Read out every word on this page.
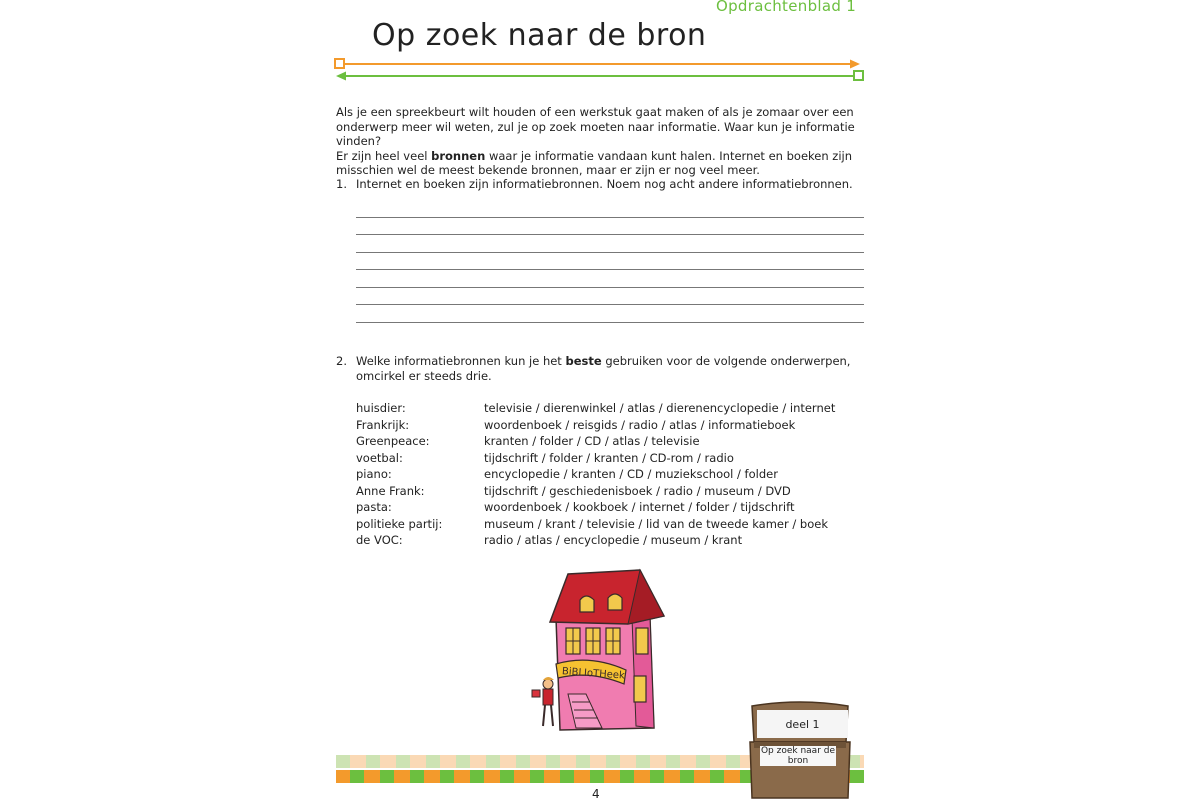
Opdrachtenblad 1
Op zoek naar de bron

Als je een spreekbeurt wilt houden of een werkstuk gaat maken of als je zomaar over een onderwerp meer wil weten, zul je op zoek moeten naar informatie. Waar kun je informatie vinden?

Er zijn heel veel bronnen waar je informatie vandaan kunt halen. Internet en boeken zijn misschien wel de meest bekende bronnen, maar er zijn er nog veel meer.

1. Internet en boeken zijn informatiebronnen. Noem nog acht andere informatiebronnen.
2. Welke informatiebronnen kun je het beste gebruiken voor de volgende onderwerpen, omcirkel er steeds drie.
huisdier:	televisie / dierenwinkel / atlas / dierenencyclopedie / internet
Frankrijk:	woordenboek / reisgids / radio / atlas / informatieboek
Greenpeace:	kranten / folder / CD / atlas / televisie
voetbal:	tijdschrift / folder / kranten / CD-rom / radio
piano:	encyclopedie / kranten / CD / muziekschool / folder
Anne Frank:	tijdschrift / geschiedenisboek / radio / museum / DVD
pasta:	woordenboek / kookboek / internet / folder / tijdschrift
politieke partij:	museum / krant / televisie / lid van de tweede kamer / boek
de VOC:	radio / atlas / encyclopedie / museum / krant
BiBLIoTHeek
deel 1
Op zoek naar de bron
4
